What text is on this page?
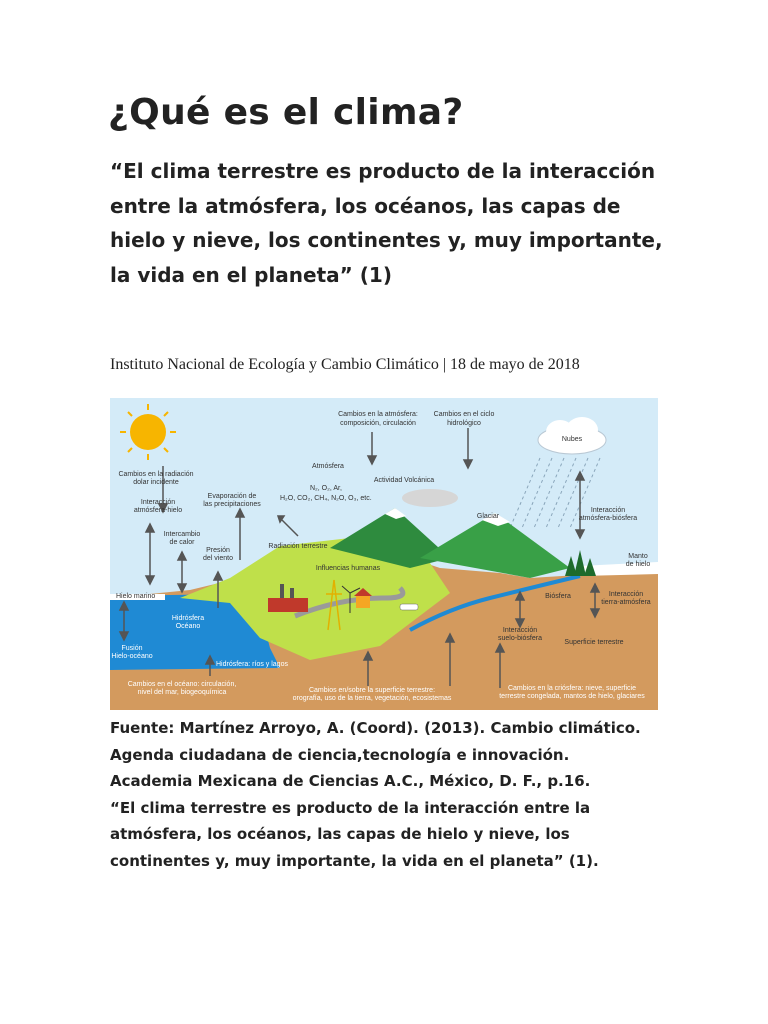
¿Qué es el clima?

“El clima terrestre es producto de la interacción entre la atmósfera, los océanos, las capas de hielo y nieve, los continentes y, muy importante, la vida en el planeta” (1)

Instituto Nacional de Ecología y Cambio Climático | 18 de mayo de 2018
Cambios en la atmósfera:
composición, circulación
Cambios en el ciclo
hidrológico
Nubes
Cambios en la radiación
dolar incidente
Atmósfera
Actividad Volcánica
N₂, O₂, Ar,
H₂O, CO₂, CH₄, N₂O, O₃, etc.
Interacción
atmósfera-hielo
Evaporación de
las precipitaciones
Glaciar
Interacción
atmósfera-biósfera
Intercambio
de calor
Presión
del viento
Radiación terrestre
Manto
de hielo
Influencias humanas
Hielo marino	Biósfera	Interacción
tierra-atmósfera
Hidrósfera
Océano
Interacción
suelo-biósfera
Superficie terrestre
Fusión
Hielo-océano
Hidrósfera: ríos y lagos
Cambios en el océano: circulación,
nivel del mar, biogeoquímica	Cambios en/sobre la superficie terrestre:
orografía, uso de la tierra, vegetación, ecosistemas
Cambios en la criósfera: nieve, superficie
terrestre congelada, mantos de hielo, glaciares

Fuente: Martínez Arroyo, A. (Coord). (2013). Cambio climático. Agenda ciudadana de ciencia,tecnología e innovación. Academia Mexicana de Ciencias A.C., México, D. F., p.16.

“El clima terrestre es producto de la interacción entre la atmósfera, los océanos, las capas de hielo y nieve, los continentes y, muy importante, la vida en el planeta” (1).
